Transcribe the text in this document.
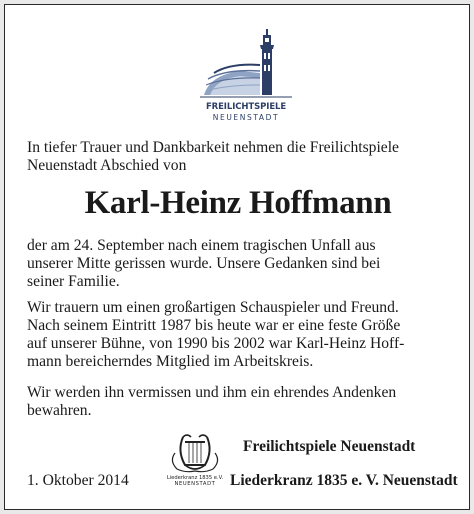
FREILICHTSPIELE
NEUENSTADT
In tiefer Trauer und Dankbarkeit nehmen die Freilichtspiele
Neuenstadt Abschied von
Karl-Heinz Hoffmann
der am 24. September nach einem tragischen Unfall aus
unserer Mitte gerissen wurde. Unsere Gedanken sind bei
seiner Familie.
Wir trauern um einen großartigen Schauspieler und Freund.
Nach seinem Eintritt 1987 bis heute war er eine feste Größe
auf unserer Bühne, von 1990 bis 2002 war Karl-Heinz Hoff-
mann bereicherndes Mitglied im Arbeitskreis.
Wir werden ihn vermissen und ihm ein ehrendes Andenken
bewahren.
Liederkranz 1835 e.V.
NEUENSTADT
Freilichtspiele Neuenstadt
1. Oktober 2014	Liederkranz 1835 e. V. Neuenstadt
